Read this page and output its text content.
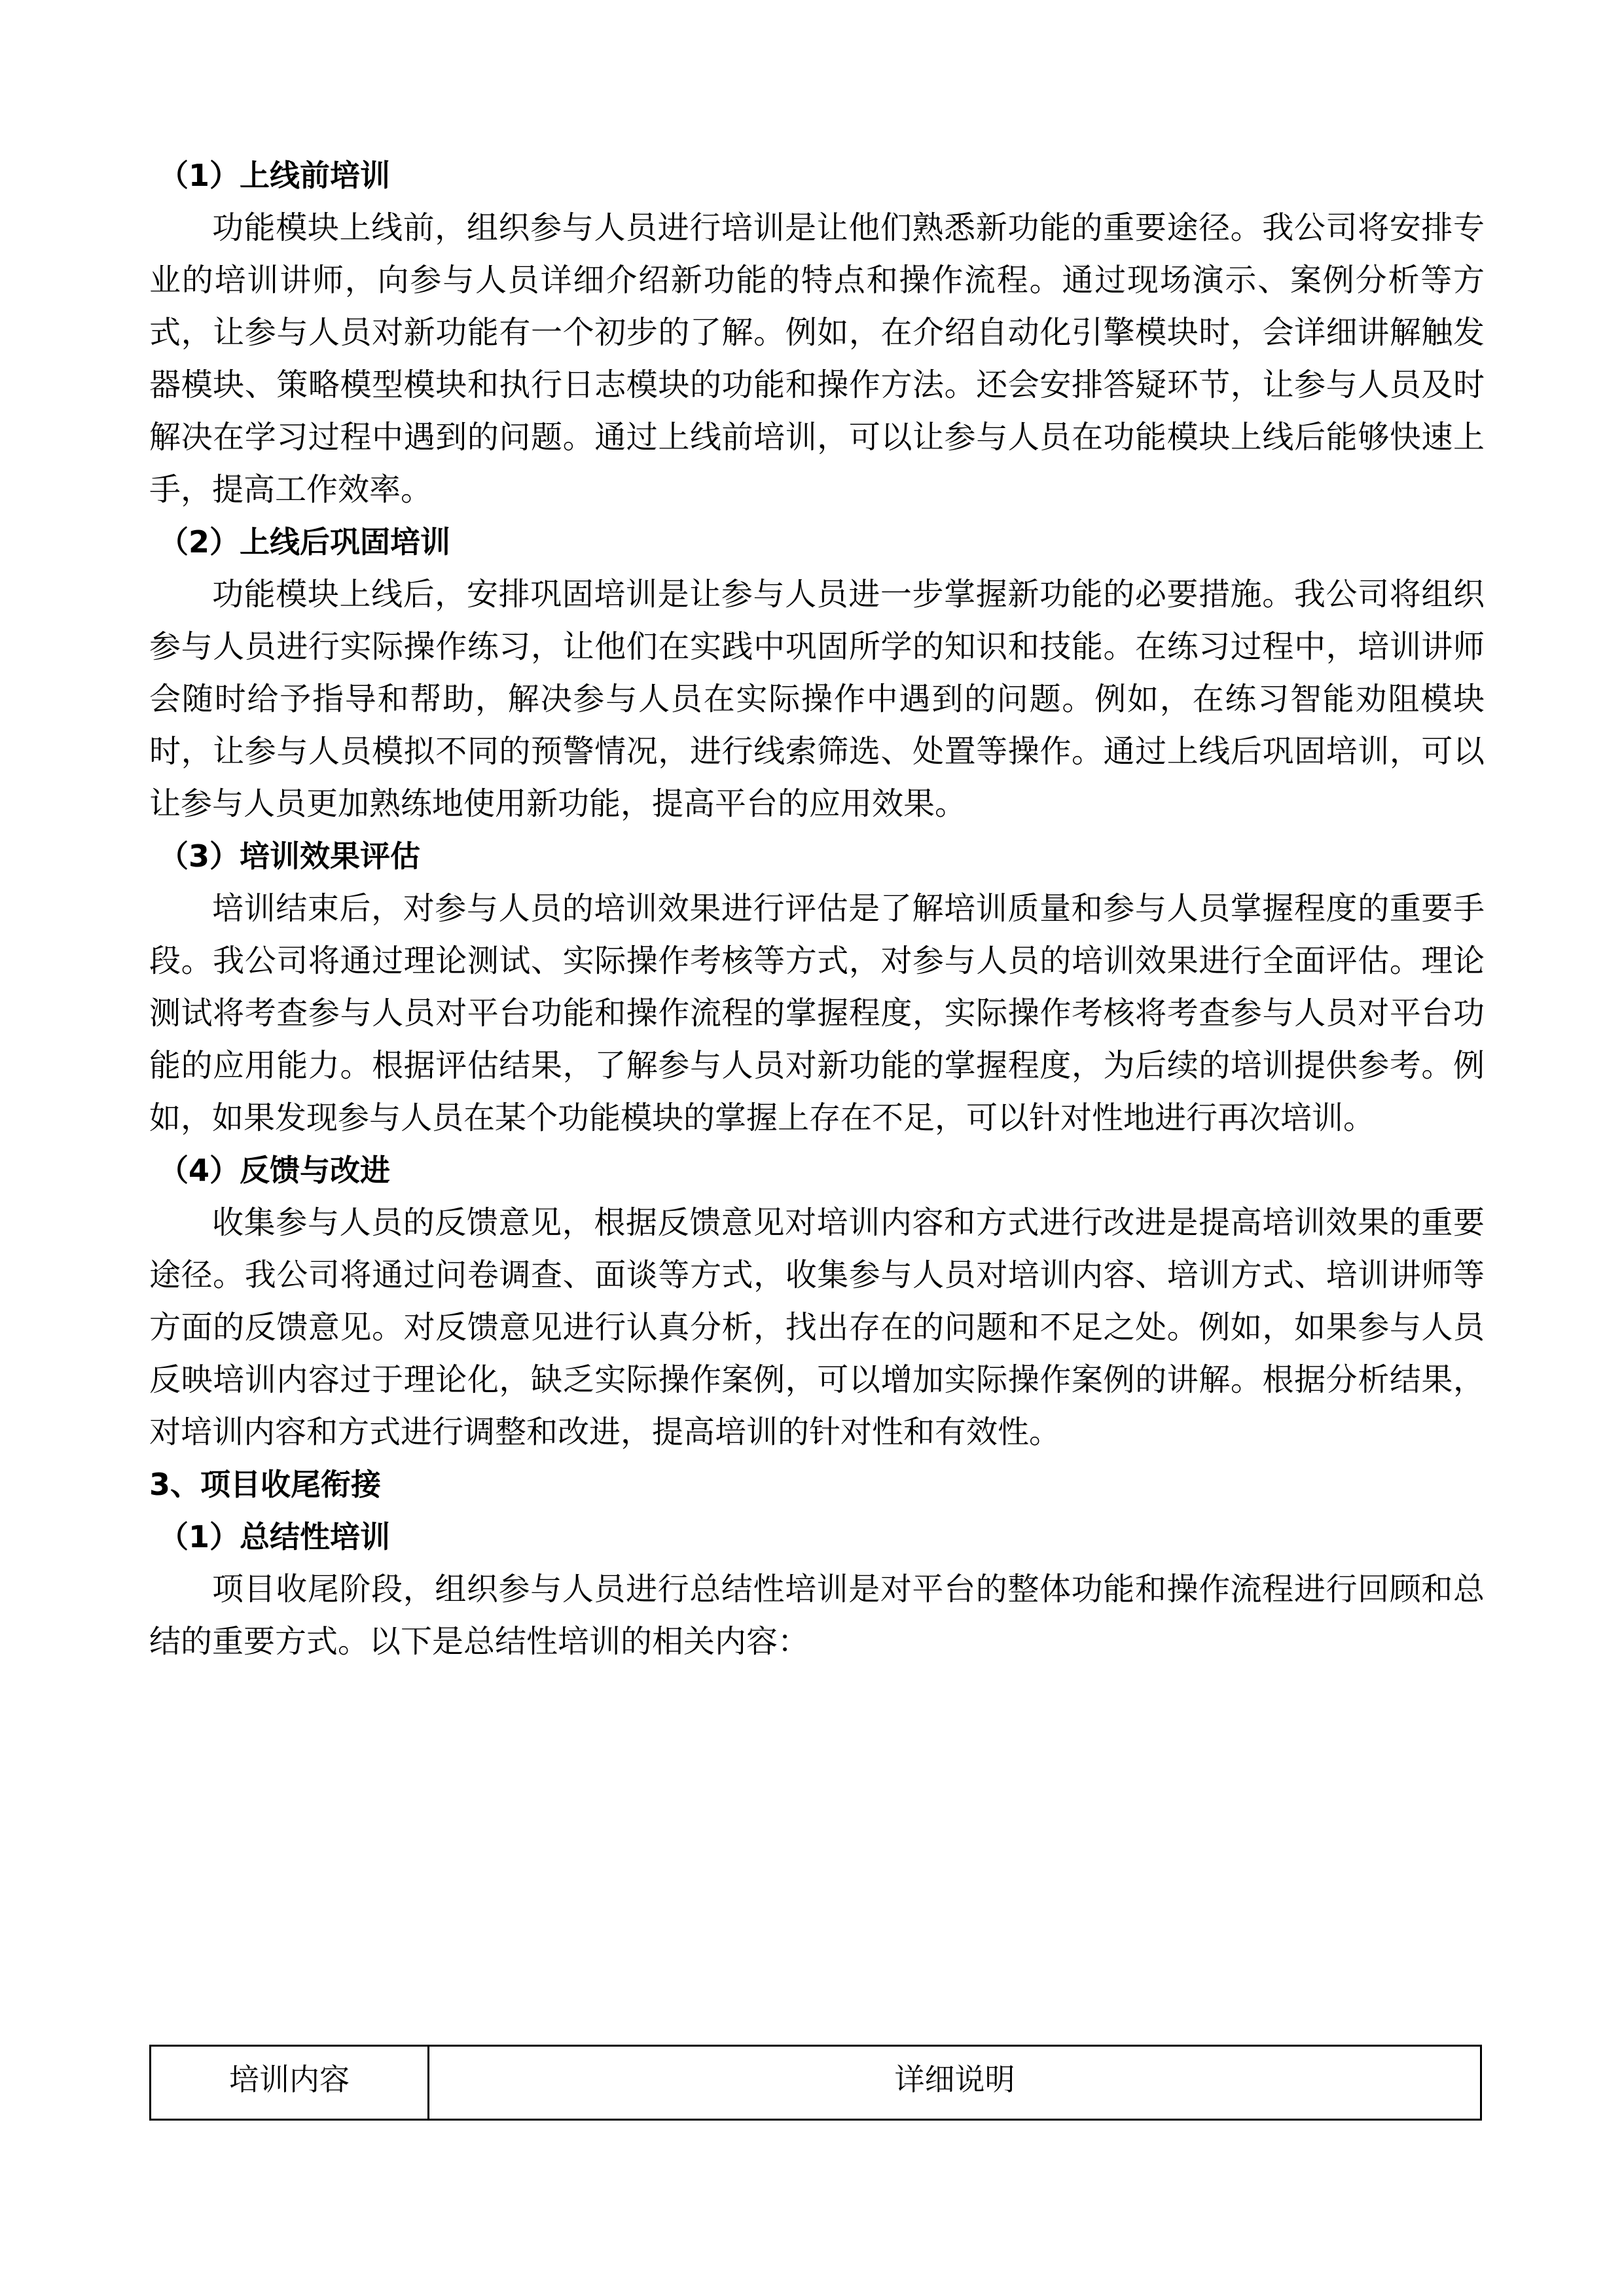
（1）上线前培训

功能模块上线前，组织参与人员进行培训是让他们熟悉新功能的重要途径。我公司将安排专业的培训讲师，向参与人员详细介绍新功能的特点和操作流程。通过现场演示、案例分析等方式，让参与人员对新功能有一个初步的了解。例如，在介绍自动化引擎模块时，会详细讲解触发器模块、策略模型模块和执行日志模块的功能和操作方法。还会安排答疑环节，让参与人员及时解决在学习过程中遇到的问题。通过上线前培训，可以让参与人员在功能模块上线后能够快速上手，提高工作效率。

（2）上线后巩固培训

功能模块上线后，安排巩固培训是让参与人员进一步掌握新功能的必要措施。我公司将组织参与人员进行实际操作练习，让他们在实践中巩固所学的知识和技能。在练习过程中，培训讲师会随时给予指导和帮助，解决参与人员在实际操作中遇到的问题。例如，在练习智能劝阻模块时，让参与人员模拟不同的预警情况，进行线索筛选、处置等操作。通过上线后巩固培训，可以让参与人员更加熟练地使用新功能，提高平台的应用效果。

（3）培训效果评估

培训结束后，对参与人员的培训效果进行评估是了解培训质量和参与人员掌握程度的重要手段。我公司将通过理论测试、实际操作考核等方式，对参与人员的培训效果进行全面评估。理论测试将考查参与人员对平台功能和操作流程的掌握程度，实际操作考核将考查参与人员对平台功能的应用能力。根据评估结果，了解参与人员对新功能的掌握程度，为后续的培训提供参考。例如，如果发现参与人员在某个功能模块的掌握上存在不足，可以针对性地进行再次培训。

（4）反馈与改进

收集参与人员的反馈意见，根据反馈意见对培训内容和方式进行改进是提高培训效果的重要途径。我公司将通过问卷调查、面谈等方式，收集参与人员对培训内容、培训方式、培训讲师等方面的反馈意见。对反馈意见进行认真分析，找出存在的问题和不足之处。例如，如果参与人员反映培训内容过于理论化，缺乏实际操作案例，可以增加实际操作案例的讲解。根据分析结果，对培训内容和方式进行调整和改进，提高培训的针对性和有效性。

3、项目收尾衔接
（1）总结性培训

项目收尾阶段，组织参与人员进行总结性培训是对平台的整体功能和操作流程进行回顾和总结的重要方式。以下是总结性培训的相关内容：

培训内容	详细说明
